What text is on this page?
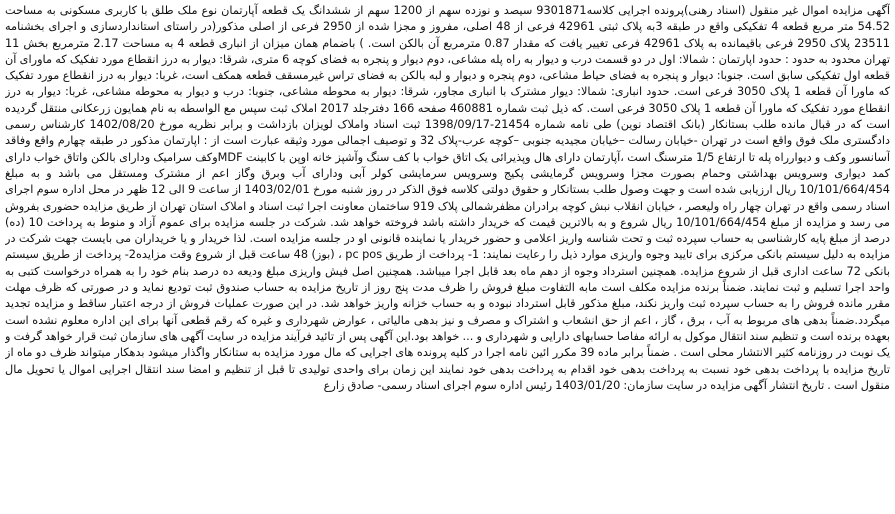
آگهی مزایده اموال غیر منقول (اسناد رهنی)پرونده اجرایی کلاسه9301871 سیصد و نوزده سهم از 1200 سهم از ششدانگ یک قطعه آپارتمان نوع ملک طلق با کاربری مسکونی به مساحت 54.52 متر مربع قطعه 4 تفکیکی واقع در طبقه 3به پلاک ثبتی 42961 فرعی از 48 اصلی، مفروز و مجزا شده از 2950 فرعی از اصلی مذکور(در راستای استانداردسازی و اجرای بخشنامه 23511 پلاک 2950 فرعی باقیمانده به پلاک 42961 فرعی تغییر یافت که مقدار 0.87 مترمربع آن بالکن است. ) باضمام همان میزان از انباری قطعه 4 به مساحت 2.17 مترمربع بخش 11 تهران محدود به حدود : حدود اپارتمان : شمالا: اول در دو قسمت درب و دیوار به راه پله مشاعی، دوم دیوار و پنجره به فضای کوچه 6 متری، شرقا: دیوار به درز انقطاع مورد تفکیک که ماورای آن قطعه اول تفکیکی سابق است. جنوبا: دیوار و پنجره به فضای حیاط مشاعی، دوم پنجره و دیوار و لبه بالکن به فضای تراس غیرمسقف قطعه همکف است، غربا: دیوار به درز انقطاع مورد تفکیک که ماورا آن قطعه 1 پلاک 3050 فرعی است. حدود انباری: شمالا: دیوار مشترک با انباری مجاور، شرقا: دیوار به محوطه مشاعی، جنوبا: درب و دیوار به محوطه مشاعی، غربا: دیوار به درز انقطاع مورد تفکیک که ماورا آن قطعه 1 پلاک 3050 فرعی است. که ذیل ثبت شماره 460881 صفحه 166 دفترجلد 2017 املاک ثبت سپس مع الواسطه به نام همایون زرعکانی منتقل گردیده است که در قبال مانده طلب بستانکار (بانک اقتصاد نوین) طی نامه شماره 21454-1398/09/17 ثبت اسناد واملاک لویزان بازداشت و برابر نظریه مورخ 1402/08/20 کارشناس رسمی دادگستری ملک فوق واقع است در تهران -خیابان رسالت –خیابان مجیدیه جنوبی –کوچه عرب-پلاک 32 و توصیف اجمالی مورد وثیقه عبارت است از : اپارتمان مذکور در طبقه چهارم واقع وفاقد آسانسور وکف و دیوارراه پله تا ارتفاع 1/5 مترسنگ است ،آپارتمان دارای هال وپذیرائی یک اتاق خواب با کف سنگ وآشپز خانه اوپن با کابینت MDFوکف سرامیک ودارای بالکن واتاق خواب دارای کمد دیواری وسرویس بهداشتی وحمام بصورت مجزا وسرویس گرمایشی پکیج وسرویس سرمایشی کولر آبی ودارای آب وبرق وگاز اعم از مشترک ومستقل می باشد و به مبلغ 10/101/664/454 ریال ارزیابی شده است و جهت وصول طلب بستانکار و حقوق دولتی کلاسه فوق الذکر در روز شنبه مورخ 1403/02/01 از ساعت 9 الی 12 ظهر در محل اداره سوم اجرای اسناد رسمی واقع در تهران چهار راه ولیعصر ، خیابان انقلاب نبش کوچه برادران مظفرشمالی پلاک 919 ساختمان معاونت اجرا ثبت اسناد و املاک استان تهران از طریق مزایده حضوری بفروش می رسد و مزایده از مبلغ 10/101/664/454 ریال شروع و به بالاترین قیمت که خریدار داشته باشد فروخته خواهد شد. شرکت در جلسه مزایده برای عموم آزاد و منوط به پرداخت 10 (ده) درصد از مبلغ پایه کارشناسی به حساب سپرده ثبت و تحت شناسه واریز اعلامی و حضور خریدار یا نماینده قانونی او در جلسه مزایده است. لذا خریدار و یا خریداران می بایست جهت شرکت در مزایده به دلیل سیستم بانکی مرکزی برای تایید وجوه واریزی موارد ذیل را رعایت نمایند: 1- پرداخت از طریق pc pos ، (بوز) 48 ساعت قبل از شروع وقت مزایده2- پرداخت از طریق سیستم بانکی 72 ساعت اداری قبل از شروع مزایده. همچنین استرداد وجوه از دهم ماه بعد قابل اجرا میباشد. همچنین اصل فیش واریزی مبلغ ودیعه ده درصد بنام خود را به همراه درخواست کتبی به واحد اجرا تسلیم و ثبت نمایند. ضمناً برنده مزایده مکلف است مابه التفاوت مبلغ فروش را ظرف مدت پنج روز از تاریخ مزایده به حساب صندوق ثبت تودیع نماید و در صورتی که ظرف مهلت مقرر مانده فروش را به حساب سپرده ثبت واریز نکند، مبلغ مذکور قابل استرداد نبوده و به حساب خزانه واریز خواهد شد. در این صورت عملیات فروش از درجه اعتبار ساقط و مزایده تجدید میگردد.ضمناً بدهی های مربوط به آب ، برق ، گاز ، اعم از حق انشعاب و اشتراک و مصرف و نیز بدهی مالیاتی ، عوارض شهرداری و غیره که رقم قطعی آنها برای این اداره معلوم نشده است بعهده برنده است و تنظیم سند انتقال موکول به ارائه مفاصا حسابهای دارایی و شهرداری و ... خواهد بود.این آگهی پس از تائید فرآیند مزایده در سایت آگهی های سازمان ثبت قرار خواهد گرفت و یک نوبت در روزنامه کثیر الانتشار محلی است . ضمناً برابر ماده 39 مکرر ائین نامه اجرا در کلیه پرونده های اجرایی که مال مورد مزایده به ستانکار واگذار میشود بدهکار میتواند ظرف دو ماه از تاریخ مزایده با پرداخت بدهی خود نسبت به پرداخت بدهی خود اقدام به پرداخت بدهی خود نمایند این زمان برای واحدی تولیدی تا قبل از تنظیم و امضا سند انتقال اجرایی اموال یا تحویل مال منقول است . تاریخ انتشار آگهی مزایده در سایت سازمان: 1403/01/20 رئیس اداره سوم اجرای اسناد رسمی- صادق زارع
